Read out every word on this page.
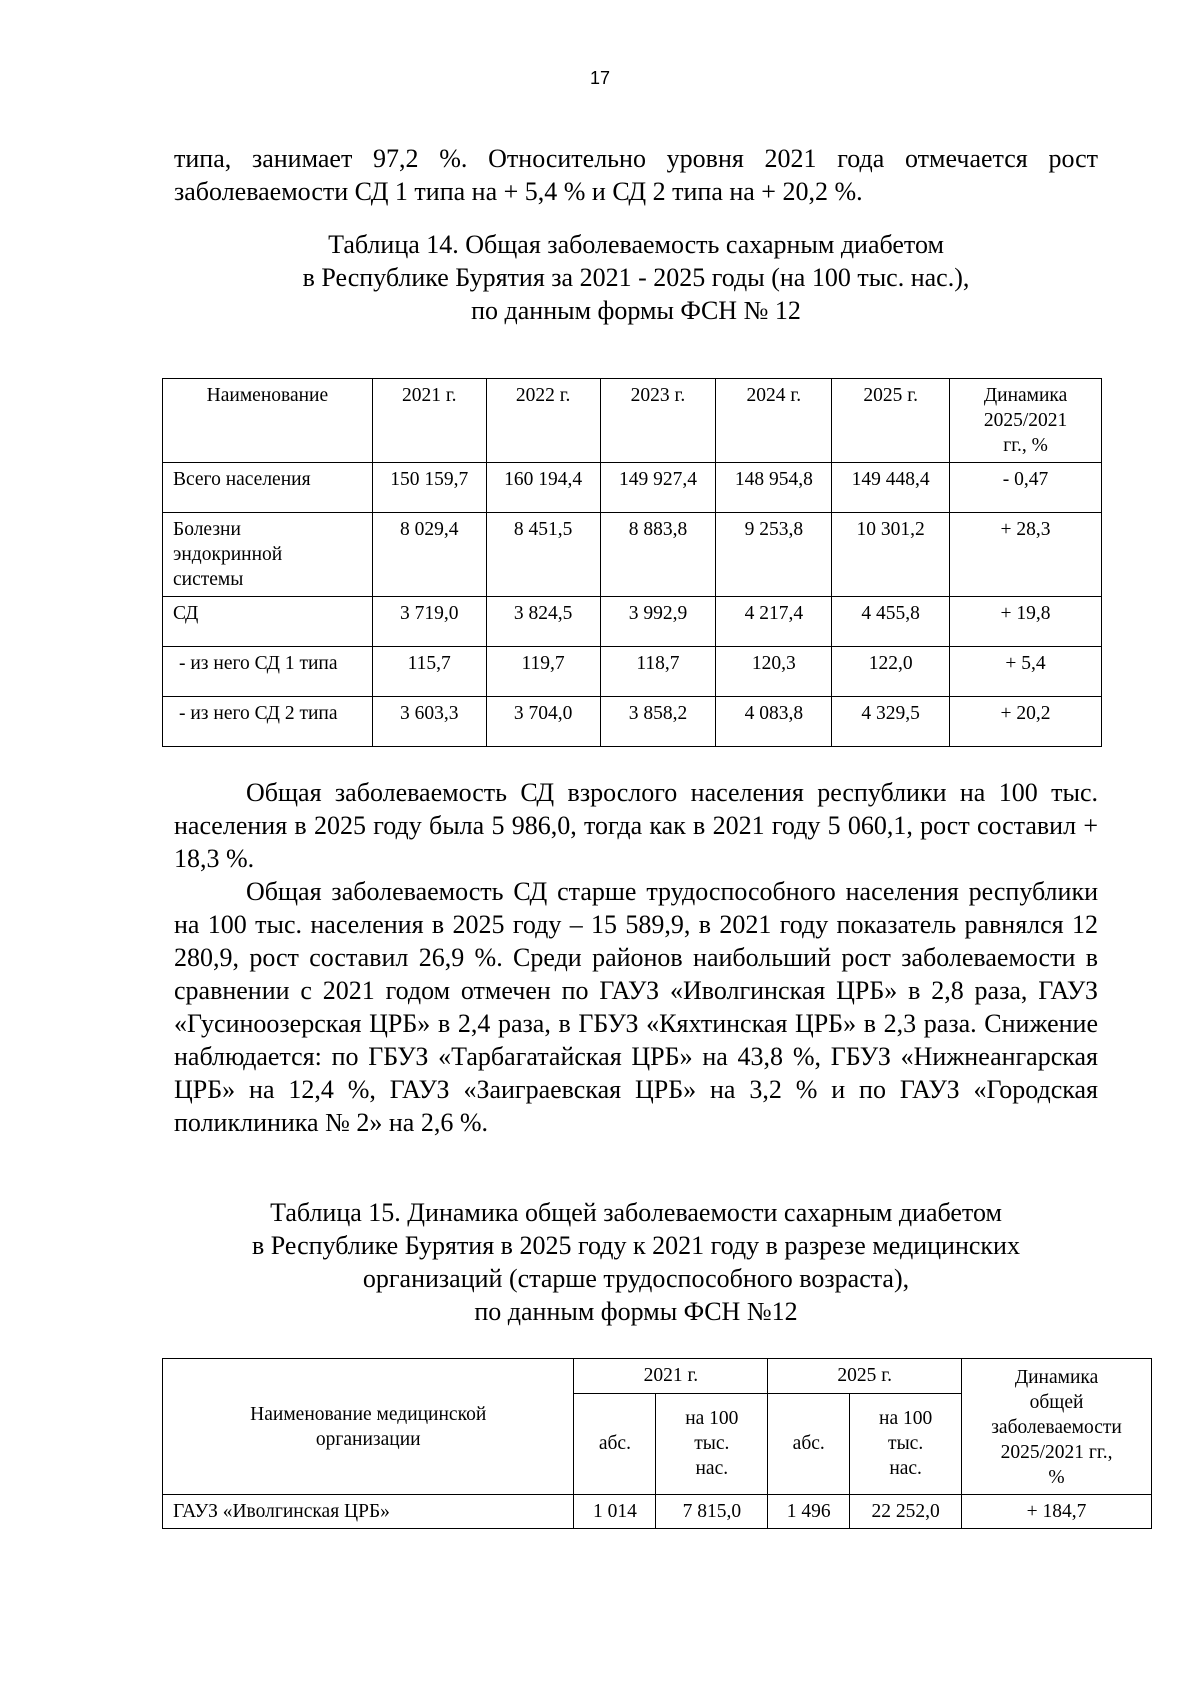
17

типа, занимает 97,2 %. Относительно уровня 2021 года отмечается рост заболеваемости СД 1 типа на + 5,4 % и СД 2 типа на + 20,2 %.

Таблица 14. Общая заболеваемость сахарным диабетом
в Республике Бурятия за 2021 - 2025 годы (на 100 тыс. нас.),
по данным формы ФСН № 12
Наименование	2021 г.	2022 г.	2023 г.	2024 г.	2025 г.	Динамика
2025/2021
гг., %

Всего населения	150 159,7	160 194,4	149 927,4	148 954,8	149 448,4	- 0,47

Болезни
эндокринной
системы	8 029,4	8 451,5	8 883,8	9 253,8	10 301,2	+ 28,3
СД	3 719,0	3 824,5	3 992,9	4 217,4	4 455,8	+ 19,8
- из него СД 1 типа	115,7	119,7	118,7	120,3	122,0	+ 5,4
- из него СД 2 типа	3 603,3	3 704,0	3 858,2	4 083,8	4 329,5	+ 20,2

Общая заболеваемость СД взрослого населения республики на 100 тыс. населения в 2025 году была 5 986,0, тогда как в 2021 году 5 060,1, рост составил + 18,3 %.

Общая заболеваемость СД старше трудоспособного населения республики на 100 тыс. населения в 2025 году – 15 589,9, в 2021 году показатель равнялся 12 280,9, рост составил 26,9 %. Среди районов наибольший рост заболеваемости в сравнении с 2021 годом отмечен по ГАУЗ «Иволгинская ЦРБ» в 2,8 раза, ГАУЗ «Гусиноозерская ЦРБ» в 2,4 раза, в ГБУЗ «Кяхтинская ЦРБ» в 2,3 раза. Снижение наблюдается: по ГБУЗ «Тарбагатайская ЦРБ» на 43,8 %, ГБУЗ «Нижнеангарская ЦРБ» на 12,4 %, ГАУЗ «Заиграевская ЦРБ» на 3,2 % и по ГАУЗ «Городская поликлиника № 2» на 2,6 %.

Таблица 15. Динамика общей заболеваемости сахарным диабетом
в Республике Бурятия в 2025 году к 2021 году в разрезе медицинских
организаций (старше трудоспособного возраста),
по данным формы ФСН №12
Наименование медицинской
организации	2021 г.		2025 г.		Динамика
общей
заболеваемости
2025/2021 гг.,
%

	абс.	на 100
тыс.
нас.	абс.	на 100
тыс.
нас.	

ГАУЗ «Иволгинская ЦРБ»	1 014	7 815,0	1 496	22 252,0	+ 184,7
